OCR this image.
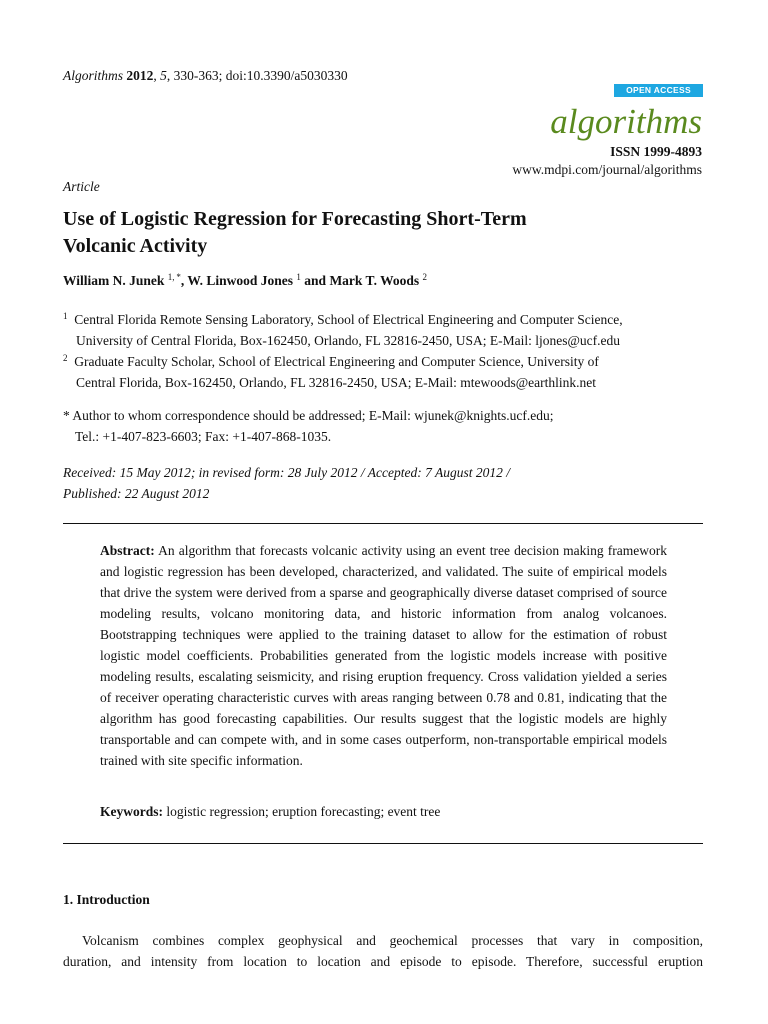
Algorithms 2012, 5, 330-363; doi:10.3390/a5030330
OPEN ACCESS
algorithms
ISSN 1999-4893
www.mdpi.com/journal/algorithms
Article
Use of Logistic Regression for Forecasting Short-Term
Volcanic Activity
William N. Junek $^{1, *}$, W. Linwood Jones $^1$ and Mark T. Woods $^2$
$^1$ Central Florida Remote Sensing Laboratory, School of Electrical Engineering and Computer Science,
University of Central Florida, Box-162450, Orlando, FL 32816-2450, USA; E-Mail: ljones@ucf.edu
$^2$ Graduate Faculty Scholar, School of Electrical Engineering and Computer Science, University of
Central Florida, Box-162450, Orlando, FL 32816-2450, USA; E-Mail: mtewoods@earthlink.net
* Author to whom correspondence should be addressed; E-Mail: wjunek@knights.ucf.edu;
Tel.: +1-407-823-6603; Fax: +1-407-868-1035.
Received: 15 May 2012; in revised form: 28 July 2012 / Accepted: 7 August 2012 /
Published: 22 August 2012
Abstract: An algorithm that forecasts volcanic activity using an event tree decision making framework and logistic regression has been developed, characterized, and validated. The suite of empirical models that drive the system were derived from a sparse and geographically diverse dataset comprised of source modeling results, volcano monitoring data, and historic information from analog volcanoes. Bootstrapping techniques were applied to the training dataset to allow for the estimation of robust logistic model coefficients. Probabilities generated from the logistic models increase with positive modeling results, escalating seismicity, and rising eruption frequency. Cross validation yielded a series of receiver operating characteristic curves with areas ranging between 0.78 and 0.81, indicating that the algorithm has good forecasting capabilities. Our results suggest that the logistic models are highly transportable and can compete with, and in some cases outperform, non-transportable empirical models trained with site specific information.
Keywords: logistic regression; eruption forecasting; event tree
1. Introduction
Volcanism combines complex geophysical and geochemical processes that vary in composition,
duration, and intensity from location to location and episode to episode. Therefore, successful eruption
